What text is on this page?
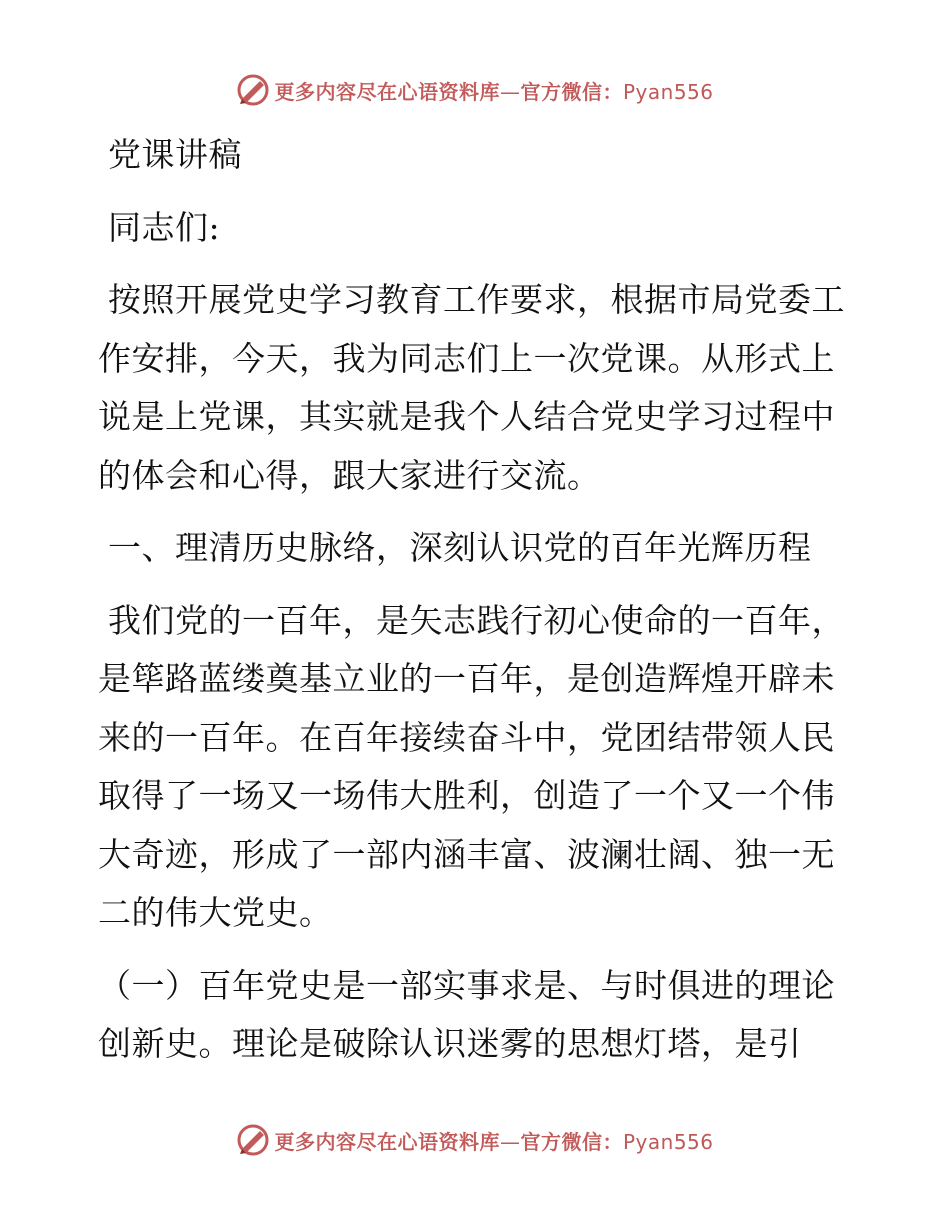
更多内容尽在心语资料库—官方微信：Pyan556

党课讲稿

同志们:

按照开展党史学习教育工作要求，根据市局党委工作安排，今天，我为同志们上一次党课。从形式上说是上党课，其实就是我个人结合党史学习过程中的体会和心得，跟大家进行交流。

一、理清历史脉络，深刻认识党的百年光辉历程

我们党的一百年，是矢志践行初心使命的一百年，是筚路蓝缕奠基立业的一百年，是创造辉煌开辟未来的一百年。在百年接续奋斗中，党团结带领人民取得了一场又一场伟大胜利，创造了一个又一个伟大奇迹，形成了一部内涵丰富、波澜壮阔、独一无二的伟大党史。

（一）百年党史是一部实事求是、与时俱进的理论创新史。理论是破除认识迷雾的思想灯塔，是引

更多内容尽在心语资料库—官方微信：Pyan556
